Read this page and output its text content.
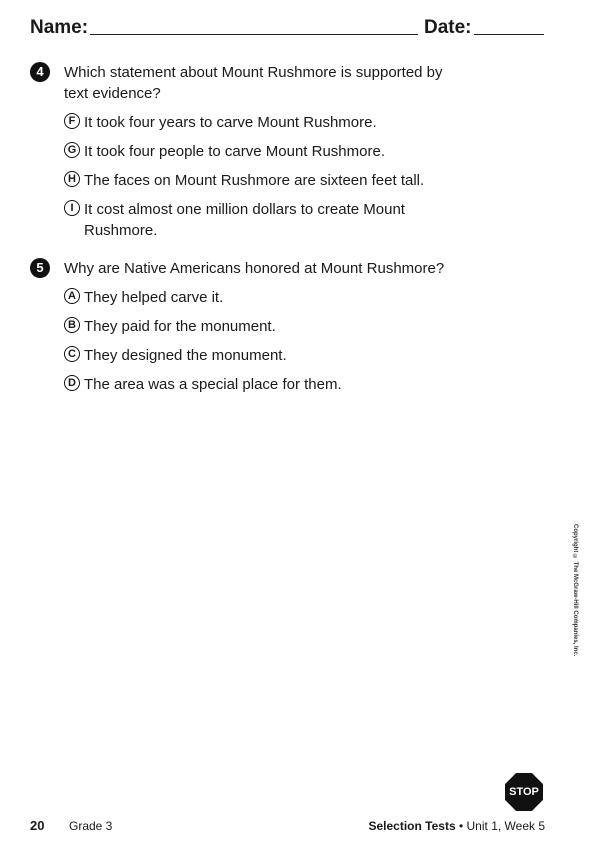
Name:	Date:
4	Which statement about Mount Rushmore is supported by text evidence?
F It took four years to carve Mount Rushmore.
G It took four people to carve Mount Rushmore.
H The faces on Mount Rushmore are sixteen feet tall.
I It cost almost one million dollars to create Mount Rushmore.
5	Why are Native Americans honored at Mount Rushmore?
A They helped carve it.
B They paid for the monument.
C They designed the monument.
D The area was a special place for them.
Copyright © The McGraw-Hill Companies, Inc.
STOP
20 Grade 3	Selection Tests • Unit 1, Week 5
